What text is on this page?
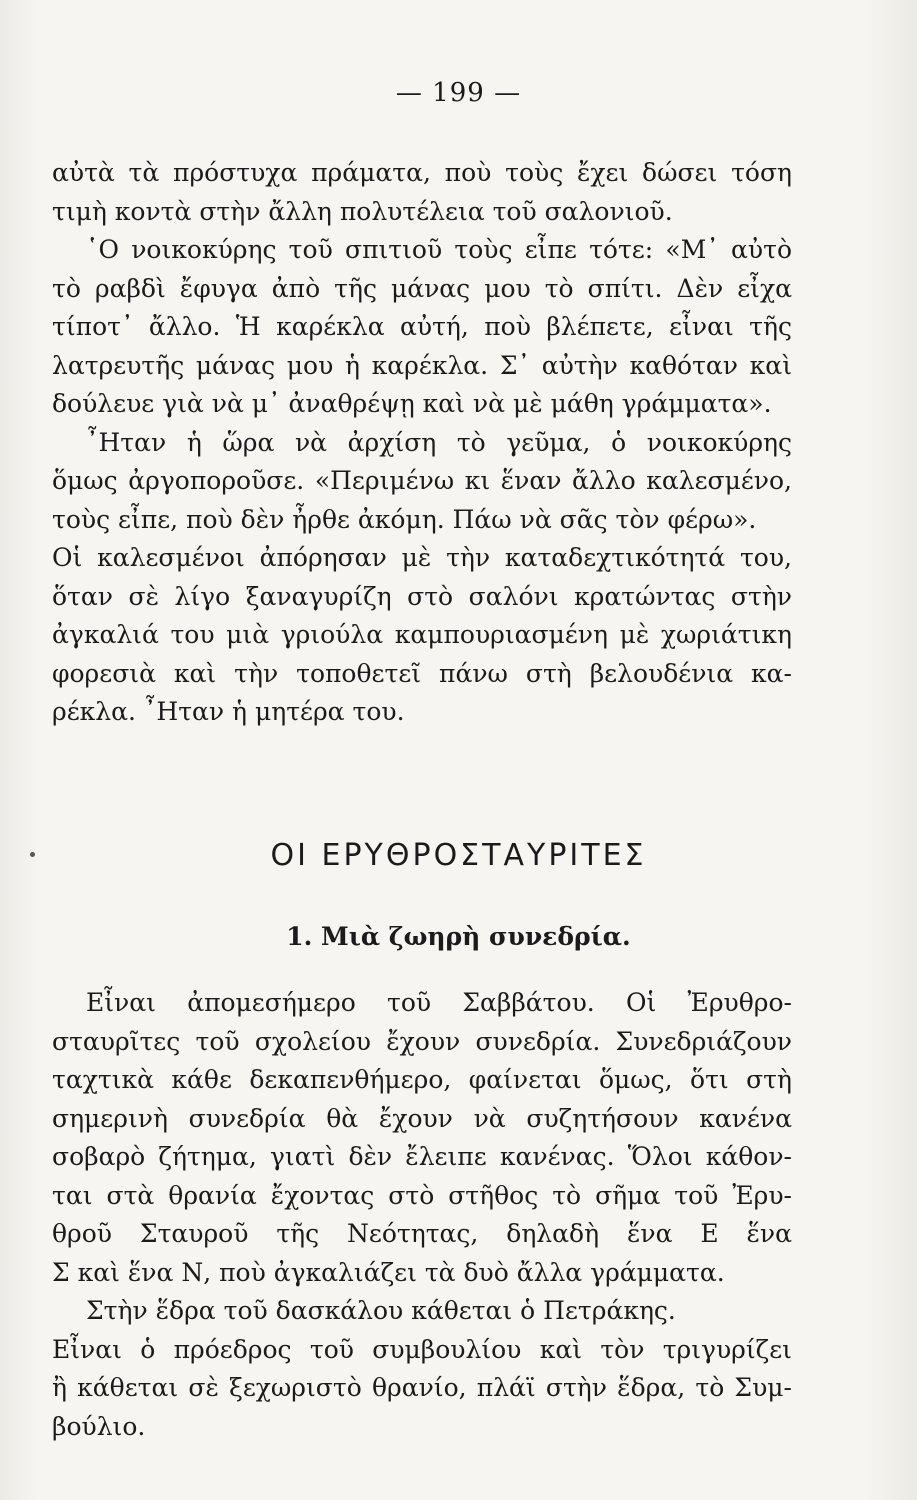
— 199 —
αὐτὰ τὰ πρόστυχα πράματα, ποὺ τοὺς ἔχει δώσει τόση
τιμὴ κοντὰ στὴν ἄλλη πολυτέλεια τοῦ σαλονιοῦ.
῾Ο νοικοκύρης τοῦ σπιτιοῦ τοὺς εἶπε τότε: «Μ᾽ αὐτὸ
τὸ ραβδὶ ἔφυγα ἀπὸ τῆς μάνας μου τὸ σπίτι. Δὲν εἶχα
τίποτ᾽ ἄλλο. Ἡ καρέκλα αὐτή, ποὺ βλέπετε, εἶναι τῆς
λατρευτῆς μάνας μου ἡ καρέκλα. Σ᾽ αὐτὴν καθόταν καὶ
δούλευε γιὰ νὰ μ᾽ ἀναθρέψῃ καὶ νὰ μὲ μάθη γράμματα».
῏Ηταν ἡ ὥρα νὰ ἀρχίση τὸ γεῦμα, ὁ νοικοκύρης
ὅμως ἀργοποροῦσε. «Περιμένω κι ἕναν ἄλλο καλεσμένο,
τοὺς εἶπε, ποὺ δὲν ἦρθε ἀκόμη. Πάω νὰ σᾶς τὸν φέρω».
Οἱ καλεσμένοι ἀπόρησαν μὲ τὴν καταδεχτικότητά του,
ὅταν σὲ λίγο ξαναγυρίζη στὸ σαλόνι κρατώντας στὴν
ἀγκαλιά του μιὰ γριούλα καμπουριασμένη μὲ χωριάτικη
φορεσιὰ καὶ τὴν τοποθετεῖ πάνω στὴ βελουδένια κα-
ρέκλα. ῏Ηταν ἡ μητέρα του.
ΟΙ ΕΡΥΘΡΟΣΤΑΥΡΙΤΕΣ
1. Μιὰ ζωηρὴ συνεδρία.
Εἶναι ἀπομεσήμερο τοῦ Σαββάτου. Οἱ Ἐρυθρο-
σταυρῖτες τοῦ σχολείου ἔχουν συνεδρία. Συνεδριάζουν
ταχτικὰ κάθε δεκαπενθήμερο, φαίνεται ὅμως, ὅτι στὴ
σημερινὴ συνεδρία θὰ ἔχουν νὰ συζητήσουν κανένα
σοβαρὸ ζήτημα, γιατὶ δὲν ἔλειπε κανένας. Ὅλοι κάθον-
ται στὰ θρανία ἔχοντας στὸ στῆθος τὸ σῆμα τοῦ Ἐρυ-
θροῦ Σταυροῦ τῆς Νεότητας, δηλαδὴ ἕνα Ε ἕνα
Σ καὶ ἕνα Ν, ποὺ ἀγκαλιάζει τὰ δυὸ ἄλλα γράμματα.
Στὴν ἕδρα τοῦ δασκάλου κάθεται ὁ Πετράκης.
Εἶναι ὁ πρόεδρος τοῦ συμβουλίου καὶ τὸν τριγυρίζει
ἢ κάθεται σὲ ξεχωριστὸ θρανίο, πλάϊ στὴν ἕδρα, τὸ Συμ-
βούλιο.
